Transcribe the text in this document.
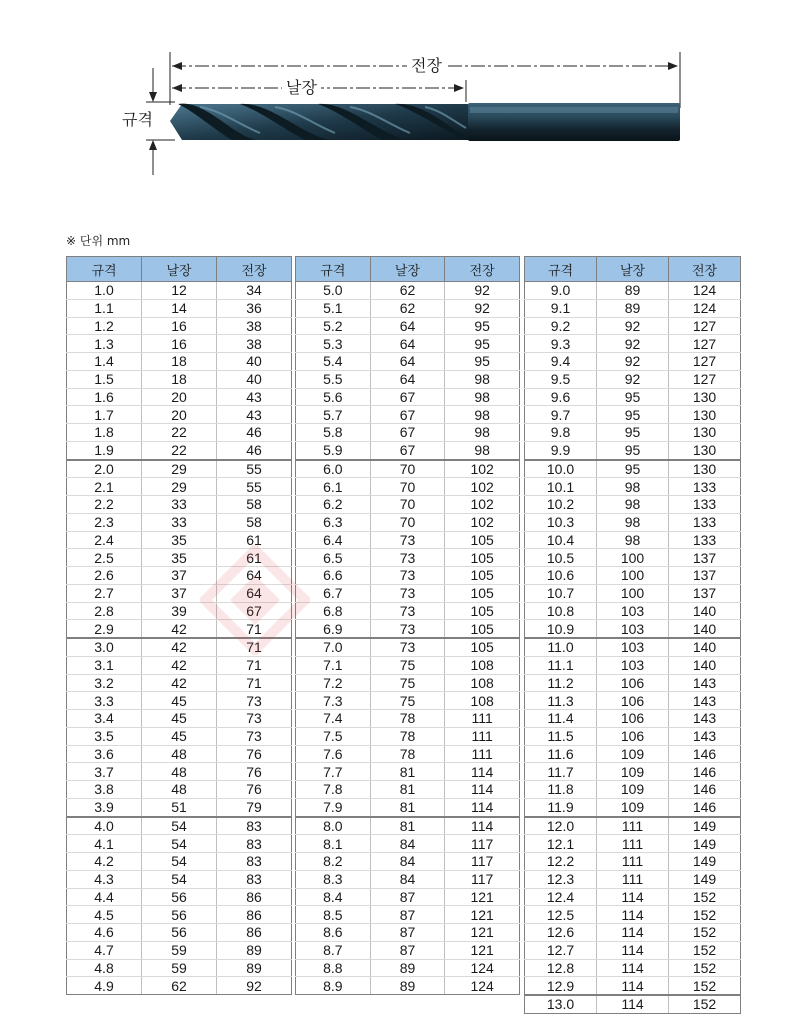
전장
날장
규격
※ 단위 mm
규격	날장	전장
1.0	12	34
1.1	14	36
1.2	16	38
1.3	16	38
1.4	18	40
1.5	18	40
1.6	20	43
1.7	20	43
1.8	22	46
1.9	22	46
2.0	29	55
2.1	29	55
2.2	33	58
2.3	33	58
2.4	35	61
2.5	35	61
2.6	37	64
2.7	37	64
2.8	39	67
2.9	42	71
3.0	42	71
3.1	42	71
3.2	42	71
3.3	45	73
3.4	45	73
3.5	45	73
3.6	48	76
3.7	48	76
3.8	48	76
3.9	51	79
4.0	54	83
4.1	54	83
4.2	54	83
4.3	54	83
4.4	56	86
4.5	56	86
4.6	56	86
4.7	59	89
4.8	59	89
4.9	62	92
규격	날장	전장
5.0	62	92
5.1	62	92
5.2	64	95
5.3	64	95
5.4	64	95
5.5	64	98
5.6	67	98
5.7	67	98
5.8	67	98
5.9	67	98
6.0	70	102
6.1	70	102
6.2	70	102
6.3	70	102
6.4	73	105
6.5	73	105
6.6	73	105
6.7	73	105
6.8	73	105
6.9	73	105
7.0	73	105
7.1	75	108
7.2	75	108
7.3	75	108
7.4	78	111
7.5	78	111
7.6	78	111
7.7	81	114
7.8	81	114
7.9	81	114
8.0	81	114
8.1	84	117
8.2	84	117
8.3	84	117
8.4	87	121
8.5	87	121
8.6	87	121
8.7	87	121
8.8	89	124
8.9	89	124
규격	날장	전장
9.0	89	124
9.1	89	124
9.2	92	127
9.3	92	127
9.4	92	127
9.5	92	127
9.6	95	130
9.7	95	130
9.8	95	130
9.9	95	130
10.0	95	130
10.1	98	133
10.2	98	133
10.3	98	133
10.4	98	133
10.5	100	137
10.6	100	137
10.7	100	137
10.8	103	140
10.9	103	140
11.0	103	140
11.1	103	140
11.2	106	143
11.3	106	143
11.4	106	143
11.5	106	143
11.6	109	146
11.7	109	146
11.8	109	146
11.9	109	146
12.0	111	149
12.1	111	149
12.2	111	149
12.3	111	149
12.4	114	152
12.5	114	152
12.6	114	152
12.7	114	152
12.8	114	152
12.9	114	152
13.0	114	152
